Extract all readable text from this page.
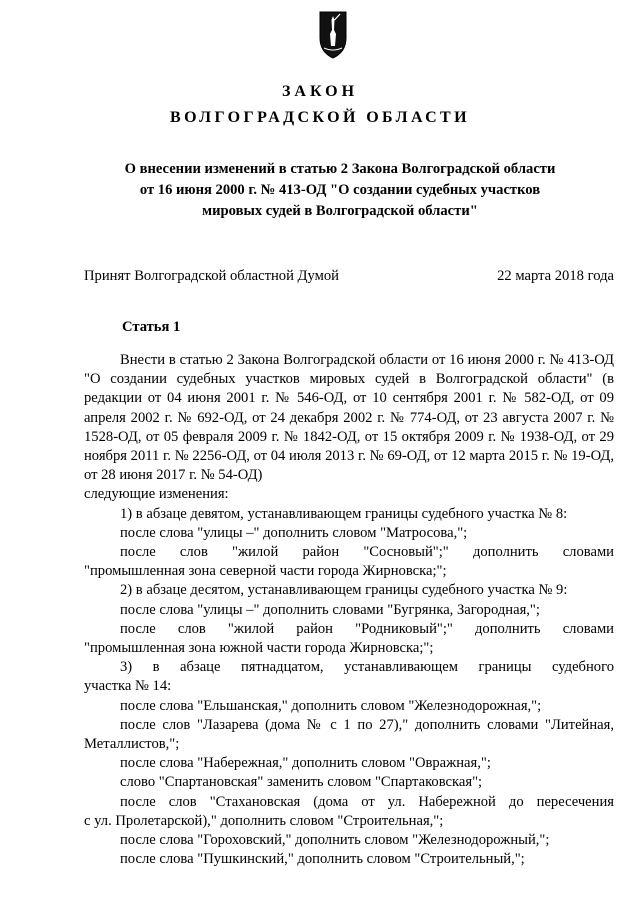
ЗАКОН
ВОЛГОГРАДСКОЙ ОБЛАСТИ
О внесении изменений в статью 2 Закона Волгоградской области
от 16 июня 2000 г. № 413-ОД "О создании судебных участков
мировых судей в Волгоградской области"
Принят Волгоградской областной Думой	22 марта 2018 года
Статья 1

Внести в статью 2 Закона Волгоградской области от 16 июня 2000 г. № 413-ОД "О создании судебных участков мировых судей в Волгоградской области" (в редакции от 04 июня 2001 г. № 546-ОД, от 10 сентября 2001 г. № 582-ОД, от 09 апреля 2002 г. № 692-ОД, от 24 декабря 2002 г. № 774-ОД, от 23 августа 2007 г. № 1528-ОД, от 05 февраля 2009 г. № 1842-ОД, от 15 октября 2009 г. № 1938-ОД, от 29 ноября 2011 г. № 2256-ОД, от 04 июля 2013 г. № 69-ОД, от 12 марта 2015 г. № 19-ОД, от 28 июня 2017 г. № 54-ОД)

следующие изменения:

1) в абзаце девятом, устанавливающем границы судебного участка № 8:

после слова "улицы –" дополнить словом "Матросова,";

после слов "жилой район "Сосновый";" дополнить словами

"промышленная зона северной части города Жирновска;";

2) в абзаце десятом, устанавливающем границы судебного участка № 9:

после слова "улицы –" дополнить словами "Бугрянка, Загородная,";

после слов "жилой район "Родниковый";" дополнить словами

"промышленная зона южной части города Жирновска;";

3) в абзаце пятнадцатом, устанавливающем границы судебного

участка № 14:

после слова "Ельшанская," дополнить словом "Железнодорожная,";

после слов "Лазарева (дома № с 1 по 27)," дополнить словами "Литейная,

Металлистов,";

после слова "Набережная," дополнить словом "Овражная,";

слово "Спартановская" заменить словом "Спартаковская";

после слов "Стахановская (дома от ул. Набережной до пересечения

с ул. Пролетарской)," дополнить словом "Строительная,";

после слова "Гороховский," дополнить словом "Железнодорожный,";

после слова "Пушкинский," дополнить словом "Строительный,";
